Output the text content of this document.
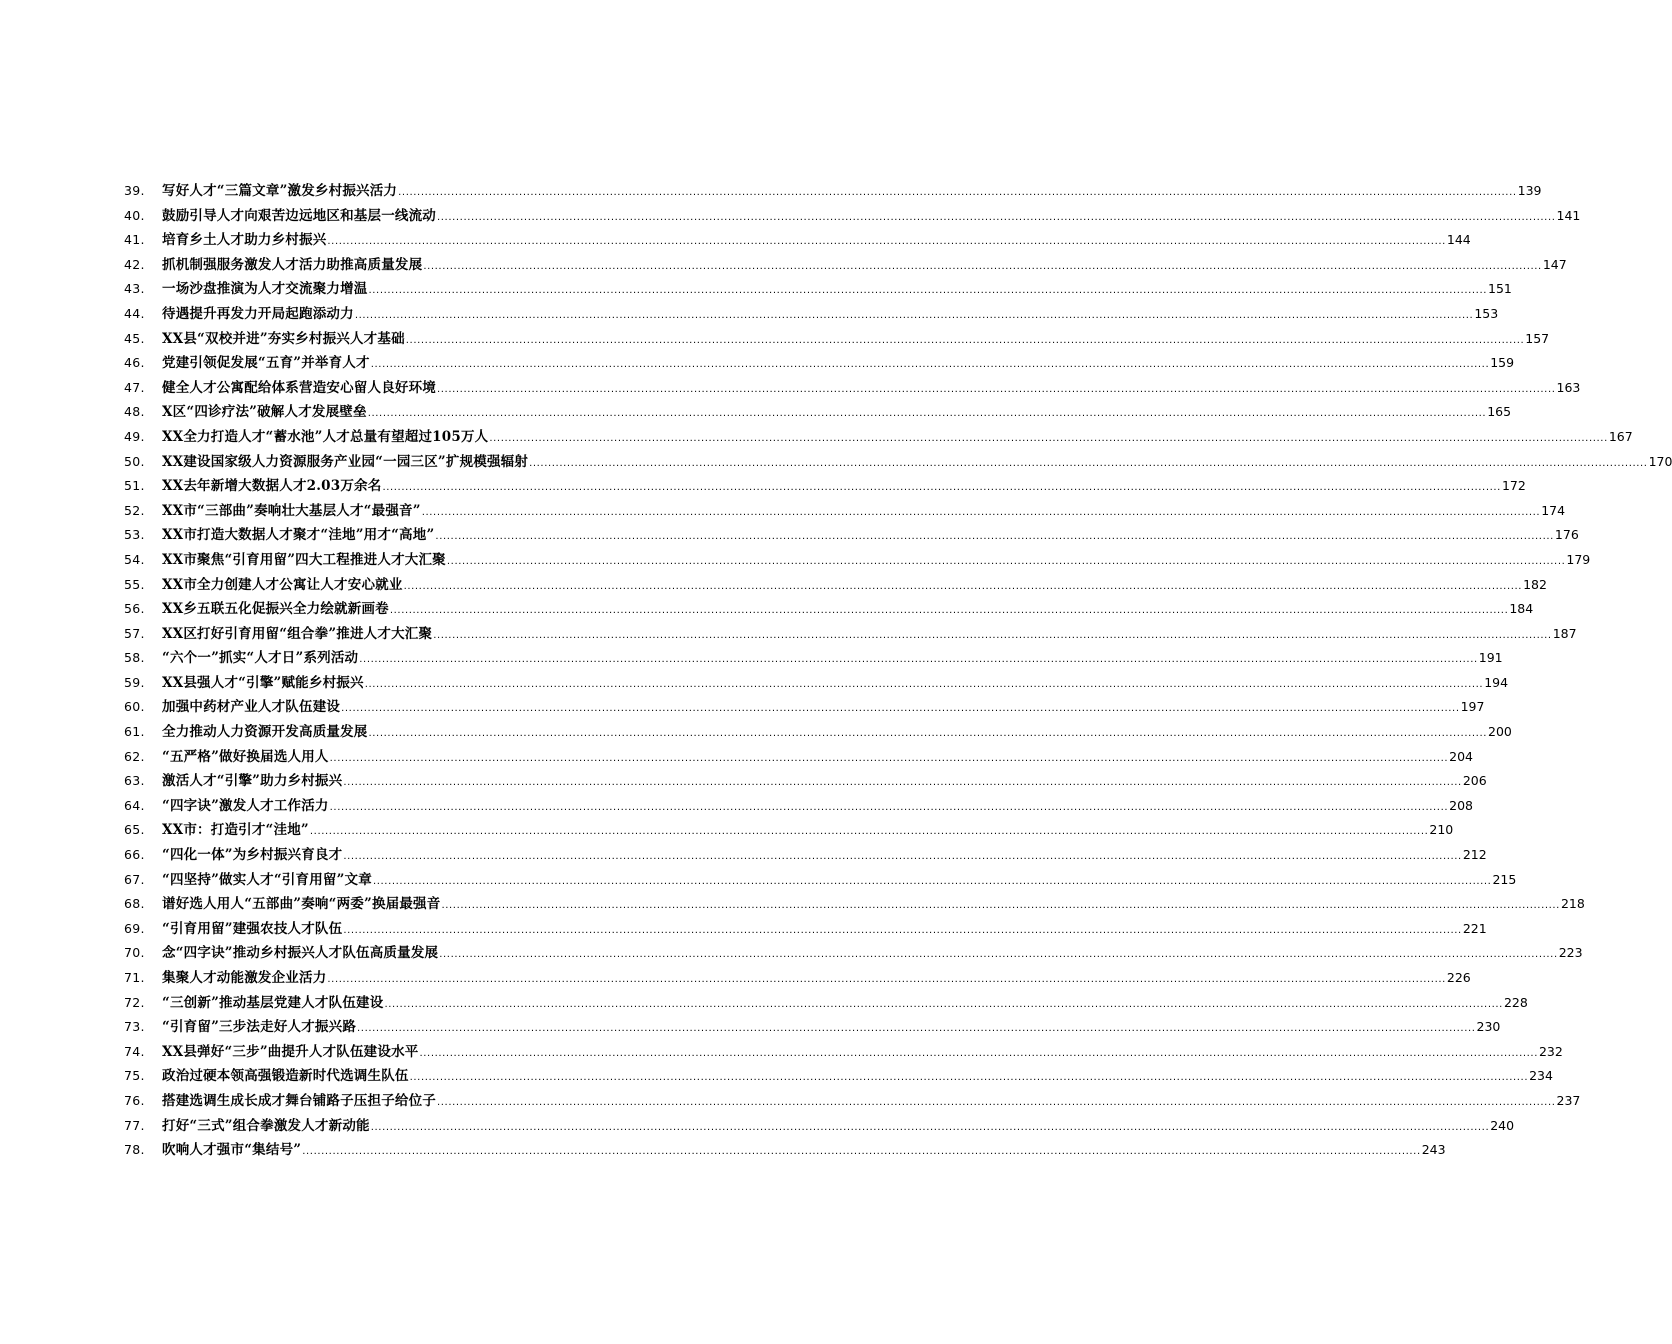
39.	写好人才“三篇文章”激发乡村振兴活力 .....	139
40.	鼓励引导人才向艰苦边远地区和基层一线流动 .....	141
41.	培育乡土人才助力乡村振兴 .....	144
42.	抓机制强服务激发人才活力助推高质量发展 .....	147
43.	一场沙盘推演为人才交流聚力增温 .....	151
44.	待遇提升再发力开局起跑添动力 .....	153
45.	XX县“双校并进”夯实乡村振兴人才基础 .....	157
46.	党建引领促发展“五育”并举育人才 .....	159
47.	健全人才公寓配给体系营造安心留人良好环境 .....	163
48.	X区“四诊疗法”破解人才发展壁垒 .....	165
49.	XX全力打造人才“蓄水池”人才总量有望超过105万人 .....	167
50.	XX建设国家级人力资源服务产业园“一园三区”扩规模强辐射 .....	170
51.	XX去年新增大数据人才2.03万余名 .....	172
52.	XX市“三部曲”奏响壮大基层人才“最强音” .....	174
53.	XX市打造大数据人才聚才“洼地”用才“高地” .....	176
54.	XX市聚焦“引育用留”四大工程推进人才大汇聚 .....	179
55.	XX市全力创建人才公寓让人才安心就业 .....	182
56.	XX乡五联五化促振兴全力绘就新画卷 .....	184
57.	XX区打好引育用留“组合拳”推进人才大汇聚 .....	187
58.	“六个一”抓实“人才日”系列活动 .....	191
59.	XX县强人才“引擎”赋能乡村振兴 .....	194
60.	加强中药材产业人才队伍建设 .....	197
61.	全力推动人力资源开发高质量发展 .....	200
62.	“五严格”做好换届选人用人 .....	204
63.	激活人才“引擎”助力乡村振兴 .....	206
64.	“四字诀”激发人才工作活力 .....	208
65.	XX市：打造引才“洼地” .....	210
66.	“四化一体”为乡村振兴育良才 .....	212
67.	“四坚持”做实人才“引育用留”文章 .....	215
68.	谱好选人用人“五部曲”奏响“两委”换届最强音 .....	218
69.	“引育用留”建强农技人才队伍 .....	221
70.	念“四字诀”推动乡村振兴人才队伍高质量发展 .....	223
71.	集聚人才动能激发企业活力 .....	226
72.	“三创新”推动基层党建人才队伍建设 .....	228
73.	“引育留”三步法走好人才振兴路 .....	230
74.	XX县弹好“三步”曲提升人才队伍建设水平 .....	232
75.	政治过硬本领高强锻造新时代选调生队伍 .....	234
76.	搭建选调生成长成才舞台铺路子压担子给位子 .....	237
77.	打好“三式”组合拳激发人才新动能 .....	240
78.	吹响人才强市“集结号” .....	243
